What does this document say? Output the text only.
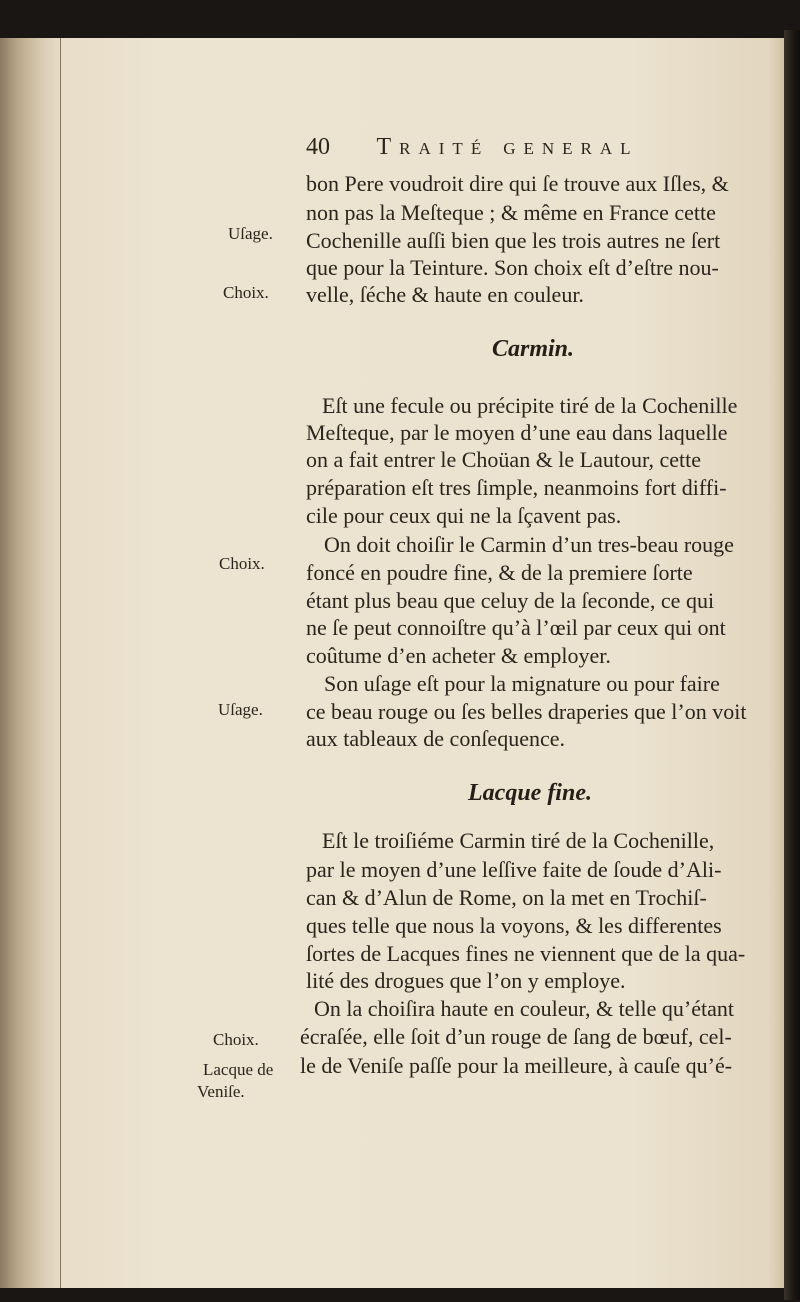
40 Traité general
bon Pere voudroit dire qui ſe trouve aux Iſles, &
non pas la Meſteque ; & même en France cette
Cochenille auſſi bien que les trois autres ne ſert
que pour la Teinture. Son choix eſt d’eſtre nou-
velle, ſéche & haute en couleur.
Carmin.
Eſt une fecule ou précipite tiré de la Cochenille
Meſteque, par le moyen d’une eau dans laquelle
on a fait entrer le Choüan & le Lautour, cette
préparation eſt tres ſimple, neanmoins fort diffi-
cile pour ceux qui ne la ſçavent pas.
On doit choiſir le Carmin d’un tres-beau rouge
foncé en poudre fine, & de la premiere ſorte
étant plus beau que celuy de la ſeconde, ce qui
ne ſe peut connoiſtre qu’à l’œil par ceux qui ont
coûtume d’en acheter & employer.
Son uſage eſt pour la mignature ou pour faire
ce beau rouge ou ſes belles draperies que l’on voit
aux tableaux de conſequence.
Lacque fine.
Eſt le troiſiéme Carmin tiré de la Cochenille,
par le moyen d’une leſſive faite de ſoude d’Ali-
can & d’Alun de Rome, on la met en Trochiſ-
ques telle que nous la voyons, & les differentes
ſortes de Lacques fines ne viennent que de la qua-
lité des drogues que l’on y employe.
On la choiſira haute en couleur, & telle qu’étant
écraſée, elle ſoit d’un rouge de ſang de bœuf, cel-
le de Veniſe paſſe pour la meilleure, à cauſe qu’é-
Uſage.
Choix.
Choix.
Uſage.
Choix.
Lacque de
Veniſe.
